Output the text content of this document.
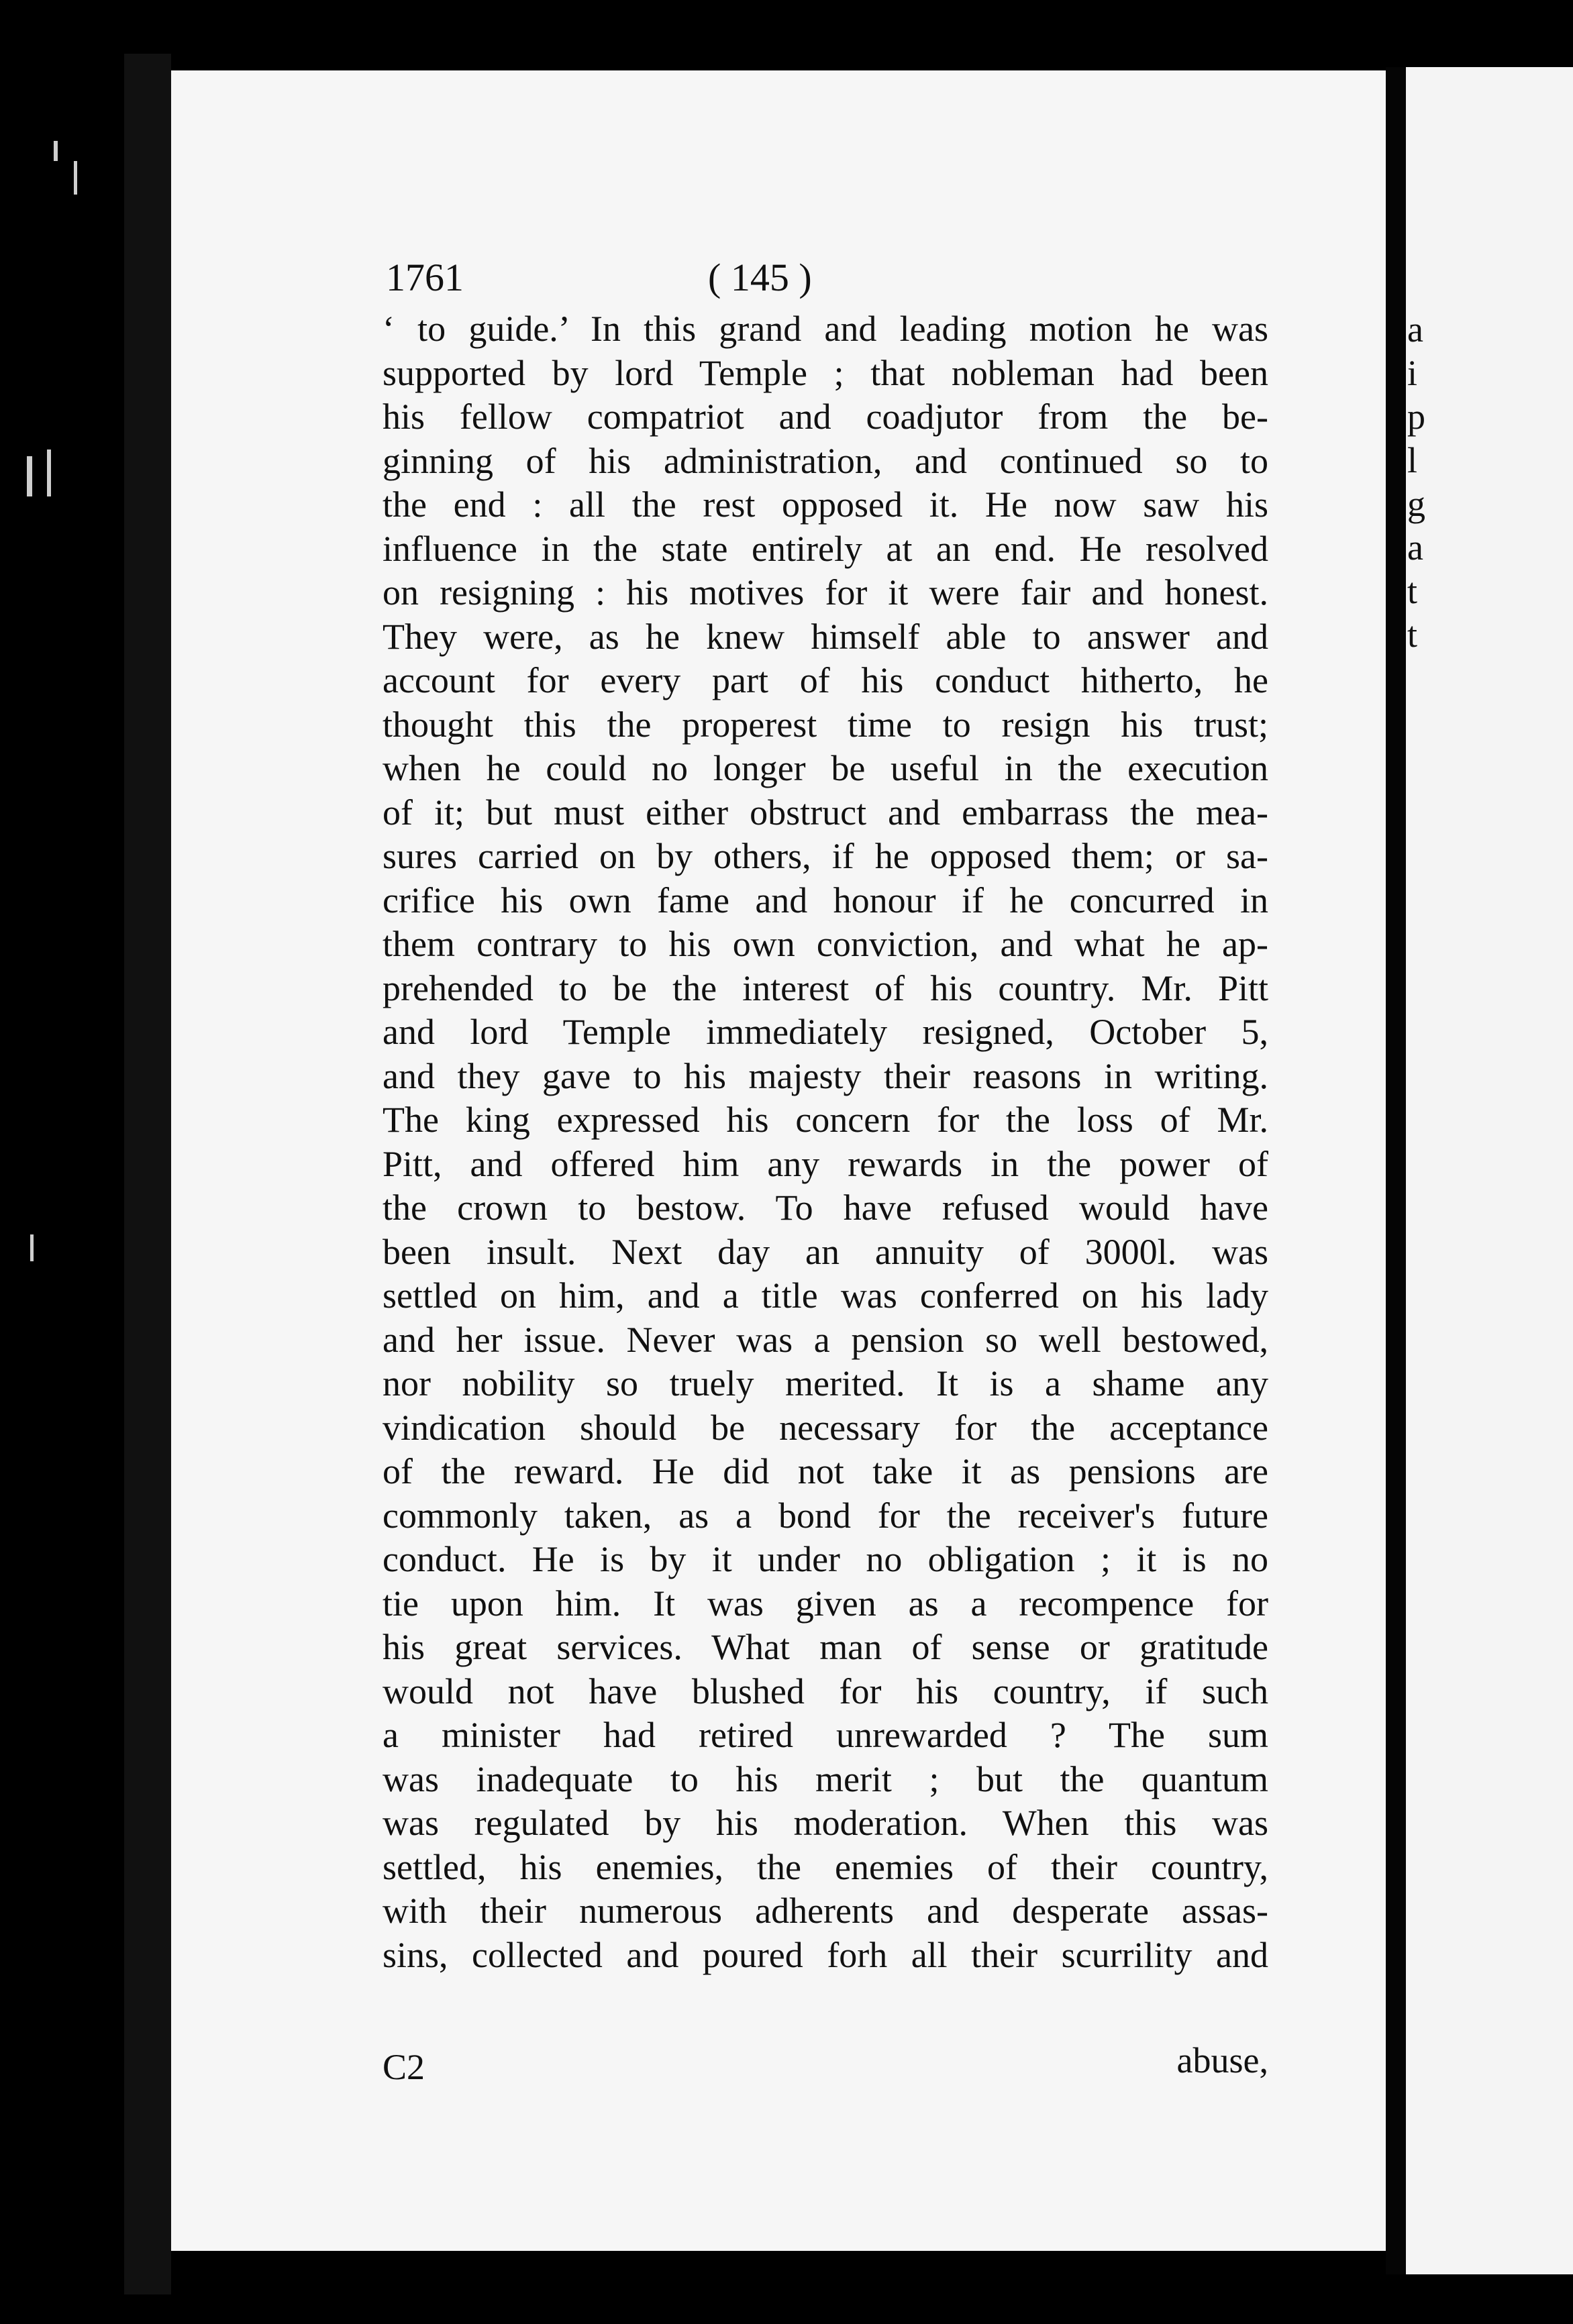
a
i
p
l
g
a
t
t
1761	( 145 )
‘ to guide.’ In this grand and leading motion he was
supported by lord Temple ; that nobleman had been
his fellow compatriot and coadjutor from the be-
ginning of his administration, and continued so to
the end : all the rest opposed it. He now saw his
influence in the state entirely at an end. He resolved
on resigning : his motives for it were fair and honest.
They were, as he knew himself able to answer and
account for every part of his conduct hitherto, he
thought this the properest time to resign his trust;
when he could no longer be useful in the execution
of it; but must either obstruct and embarrass the mea-
sures carried on by others, if he opposed them; or sa-
crifice his own fame and honour if he concurred in
them contrary to his own conviction, and what he ap-
prehended to be the interest of his country. Mr. Pitt
and lord Temple immediately resigned, October 5,
and they gave to his majesty their reasons in writing.
The king expressed his concern for the loss of Mr.
Pitt, and offered him any rewards in the power of
the crown to bestow. To have refused would have
been insult. Next day an annuity of 3000l. was
settled on him, and a title was conferred on his lady
and her issue. Never was a pension so well bestowed,
nor nobility so truely merited. It is a shame any
vindication should be necessary for the acceptance
of the reward. He did not take it as pensions are
commonly taken, as a bond for the receiver's future
conduct. He is by it under no obligation ; it is no
tie upon him. It was given as a recompence for
his great services. What man of sense or gratitude
would not have blushed for his country, if such
a minister had retired unrewarded ? The sum
was inadequate to his merit ; but the quantum
was regulated by his moderation. When this was
settled, his enemies, the enemies of their country,
with their numerous adherents and desperate assas-
sins, collected and poured forh all their scurrility and
C2	abuse,
